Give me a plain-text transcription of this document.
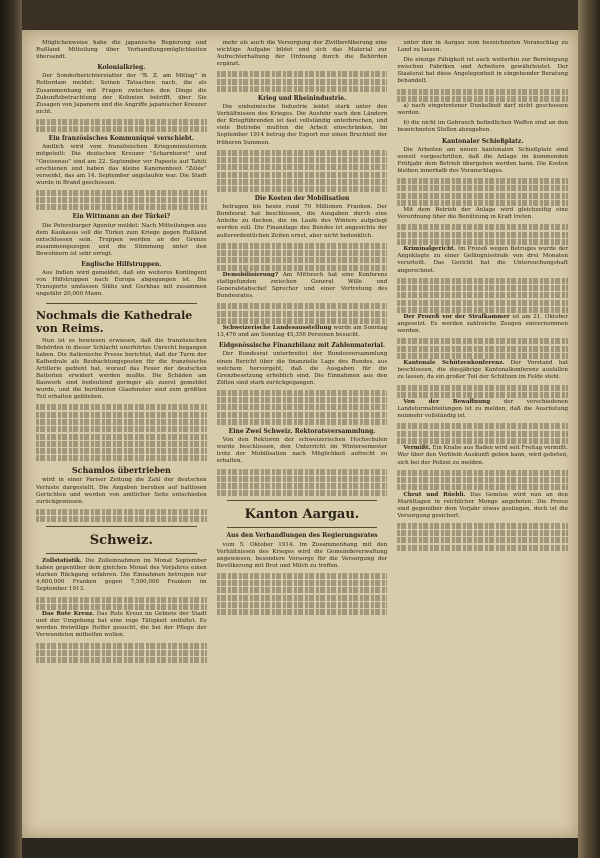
Möglichenweise habe die japanische Regierung und Rußland Mitteilung über Verhandlungsmöglichkeiten übersandt.

Kolonialkrieg.

Der Sonderberichterstatter der "B. Z. am Mittag" in Rotterdam meldet: Seinen Tatsachen nach, die als Zusammenhang mit Fragen zwischen den Dinge die Zukunftsbetrachtung der Kolonien betrifft, über Sie Zusagen von Japanern und die Angriffe japanischer Kreuzer nicht.

Ein französisches Kommuniqué verschiebt.

Amtlich wird vom französischen Kriegsministerium mitgeteilt: Die deutschen Kreuzer "Scharnhorst" und "Gneisenau" sind am 22. September vor Papeete auf Tahiti erschienen und haben das kleine Kanonenboot "Zélée" versenkt, das am 14. September angelaufen war. Die Stadt wurde in Brand geschossen.

Ein Wittmann an der Türkei?

Die Petersburger Agentur meldet: Nach Mitteilungen aus dem Kaukasus soll die Türkei zum Kriege gegen Rußland entschlossen sein. Truppen werden an der Grenze zusammengezogen und die Stimmung unter den Bewohnern ist sehr erregt.

Englische Hilfstruppen.

Aus Indien wird gemeldet, daß ein weiteres Kontingent von Hilfstruppen nach Europa abgegangen ist. Die Transporte umfassen Sikhs und Gurkhas mit zusammen ungefähr 20,000 Mann.

Nochmals die Kathedrale von Reims.

Nun ist es bewiesen erwiesen, daß die französischen Behörden in dieser Schlacht unerhörtes Unrecht begangen haben. Die italienische Presse berichtet, daß der Turm der Kathedrale als Beobachtungsposten für die französische Artillerie gedient hat, worauf das Feuer der deutschen Batterien erwidert werden mußte. Die Schäden am Bauwerk sind bedeutend geringer als zuerst gemeldet wurde, und die berühmten Glasfenster sind zum größten Teil erhalten geblieben.

Schamlos übertrieben

wird in einer Pariser Zeitung die Zahl der deutschen Verluste dargestellt. Die Angaben beruhen auf haltlosen Gerüchten und werden von amtlicher Seite entschieden zurückgewiesen.

Schweiz.

Zollstatistik. Die Zolleinnahmen im Monat September haben gegenüber dem gleichen Monat des Vorjahres einen starken Rückgang erfahren. Die Einnahmen betrugen nur 4,600,000 Franken gegen 7,500,000 Franken im September 1913.

Das Rote Kreuz. Das Rote Kreuz im Gebiete der Stadt und der Umgebung hat eine rege Tätigkeit entfaltet. Es werden freiwillige Helfer gesucht, die bei der Pflege der Verwundeten mithelfen wollen.

mehr als auch die Versorgung der Zivilbevölkerung eine wichtige Aufgabe bildet und sich das Material zur Aufrechterhaltung der Ordnung durch die Behörden ergänzt.

Krieg und Rheinindustrie.

Die einheimische Industrie leidet stark unter den Verhältnissen des Krieges. Die Ausfuhr nach den Ländern der Kriegführenden ist fast vollständig unterbrochen, und viele Betriebe mußten die Arbeit einschränken. Im September 1914 betrug der Export nur einen Bruchteil der früheren Summen.

Die Kosten der Mobilisation

betragen bis heute rund 70 Millionen Franken. Der Bundesrat hat beschlossen, die Ausgaben durch eine Anleihe zu decken, die im Laufe des Winters aufgelegt werden soll. Die Finanzlage des Bundes ist angesichts der außerordentlichen Zeiten ernst, aber nicht bedenklich.

Demobilisierung? Am Mittwoch hat eine Konferenz stattgefunden zwischen General Wille und Generalstabschef Sprecher und einer Vertretung des Bundesrates.

Schweizerische Landesausstellung wurde am Sonntag 13,476 und am Sonntag 45,356 Personen besucht.

Eidgenössische Finanzbilanz mit Zahlenmaterial.

Der Bundesrat unterbreitet der Bundesversammlung einen Bericht über die finanzielle Lage des Bundes, aus welchem hervorgeht, daß die Ausgaben für die Grenzbesetzung erheblich sind. Die Einnahmen aus den Zöllen sind stark zurückgegangen.

Eine Zwei Schweiz. Rektoratsversammlung.

Von den Rektoren der schweizerischen Hochschulen wurde beschlossen, den Unterricht im Wintersemester trotz der Mobilisation nach Möglichkeit aufrecht zu erhalten.

Kanton Aargau.
Aus den Verhandlungen des Regierungsrates

vom 5. Oktober 1914. Im Zusammenhang mit den Verhältnissen des Krieges wird die Gemeindeverwaltung angewiesen, besondere Vorsorge für die Versorgung der Bevölkerung mit Brot und Milch zu treffen.

unter den in Aargau zum bezeichneten Voranschlag zu Land zu lassen.

Die einzige Fähigkeit ist auch weiterhin zur Bereinigung zwischen Fabriken und Arbeitern gewährleistet. Der Staatsrat hat diese Angelegenheit in eingehender Beratung behandelt.

a) nach eingetretener Dunkelheit darf nicht geschossen werden.

b) die nicht im Gebrauch befindlichen Waffen sind an den bezeichneten Stellen abzugeben.

Kantonaler Schießplatz.

Die Arbeiten am neuen kantonalen Schießplatz sind soweit vorgeschritten, daß die Anlage im kommenden Frühjahr dem Betrieb übergeben werden kann. Die Kosten bleiben innerhalb des Voranschlages.

Mit dem Betrieb der Anlage wird gleichzeitig eine Verordnung über die Benützung in Kraft treten.

Kriminalgericht. Im Prozeß wegen Betruges wurde der Angeklagte zu einer Gefängnisstrafe von drei Monaten verurteilt. Das Gericht hat die Untersuchungshaft angerechnet.

Der Prozeß vor der Strafkammer ist am 21. Oktober angesetzt. Es werden zahlreiche Zeugen einvernommen werden.

Kantonale Schützenkonferenz. Der Vorstand hat beschlossen, die diesjährige Kantonalkonferenz ausfallen zu lassen, da ein großer Teil der Schützen im Felde steht.

Von der Bewaffnung der verschiedenen Landsturmabteilungen ist zu melden, daß die Ausrüstung nunmehr vollständig ist.

Vermißt. Ein Knabe aus Baden wird seit Freitag vermißt. Wer über den Verbleib Auskunft geben kann, wird gebeten, sich bei der Polizei zu melden.

Chrut und Rüebli. Das Gemüse wird nun an den Markttagen in reichlicher Menge angeboten. Die Preise sind gegenüber dem Vorjahr etwas gestiegen, doch ist die Versorgung gesichert.
